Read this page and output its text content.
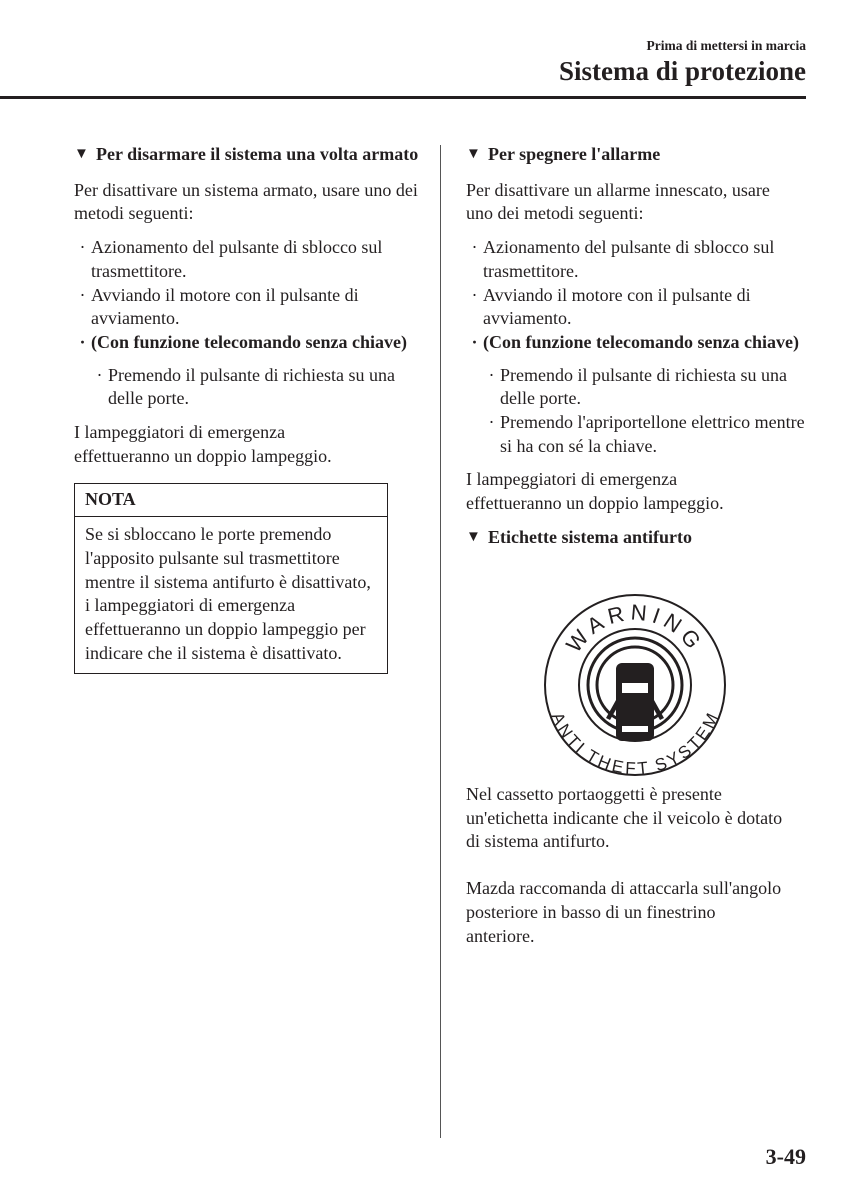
Prima di mettersi in marcia
Sistema di protezione
▼ Per disarmare il sistema una volta armato
Per disattivare un sistema armato, usare uno dei metodi seguenti:
· Azionamento del pulsante di sblocco sul trasmettitore.
· Avviando il motore con il pulsante di avviamento.
· (Con funzione telecomando senza chiave)
· Premendo il pulsante di richiesta su una delle porte.
I lampeggiatori di emergenza effettueranno un doppio lampeggio.
NOTA
Se si sbloccano le porte premendo l'apposito pulsante sul trasmettitore mentre il sistema antifurto è disattivato, i lampeggiatori di emergenza effettueranno un doppio lampeggio per indicare che il sistema è disattivato.
▼ Per spegnere l'allarme
Per disattivare un allarme innescato, usare uno dei metodi seguenti:
· Azionamento del pulsante di sblocco sul trasmettitore.
· Avviando il motore con il pulsante di avviamento.
· (Con funzione telecomando senza chiave)
· Premendo il pulsante di richiesta su una delle porte.
· Premendo l'apriportellone elettrico mentre si ha con sé la chiave.
I lampeggiatori di emergenza effettueranno un doppio lampeggio.
▼ Etichette sistema antifurto
WARNING
ANTI THEFT SYSTEM
Nel cassetto portaoggetti è presente un'etichetta indicante che il veicolo è dotato di sistema antifurto.
Mazda raccomanda di attaccarla sull'angolo posteriore in basso di un finestrino anteriore.
3-49
